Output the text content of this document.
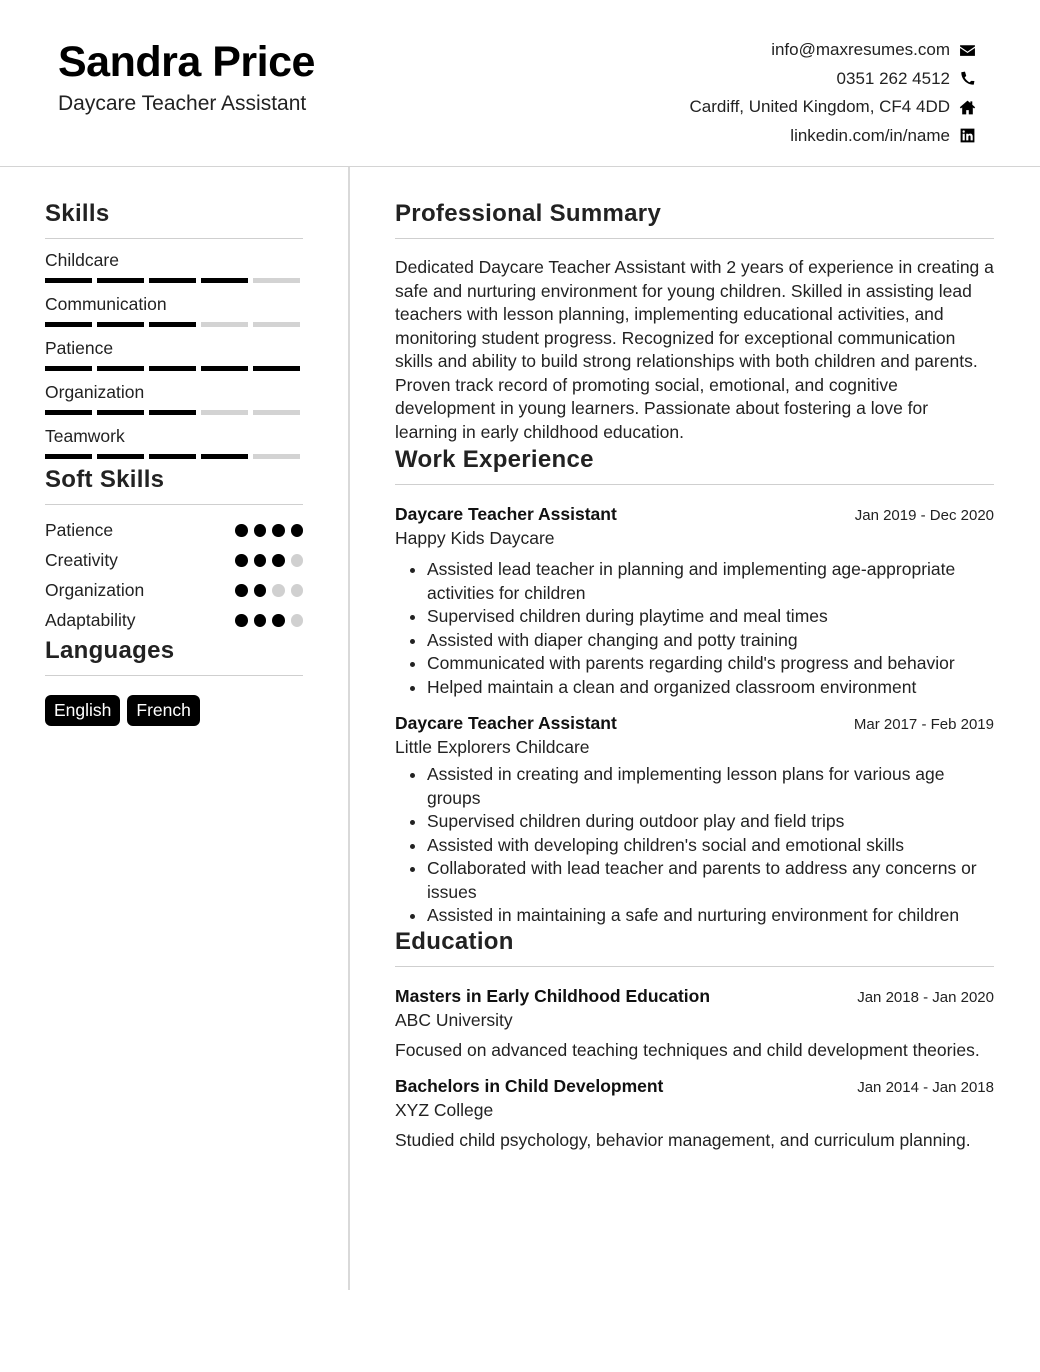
Sandra Price
Daycare Teacher Assistant
info@maxresumes.com
0351 262 4512
Cardiff, United Kingdom, CF4 4DD
linkedin.com/in/name
Skills
Childcare
Communication
Patience
Organization
Teamwork
Soft Skills
Patience
Creativity
Organization
Adaptability
Languages
English	French
Professional Summary
Dedicated Daycare Teacher Assistant with 2 years of experience in creating a safe and nurturing environment for young children. Skilled in assisting lead teachers with lesson planning, implementing educational activities, and monitoring student progress. Recognized for exceptional communication skills and ability to build strong relationships with both children and parents. Proven track record of promoting social, emotional, and cognitive development in young learners. Passionate about fostering a love for learning in early childhood education.
Work Experience
Daycare Teacher Assistant	Jan 2019 - Dec 2020
Happy Kids Daycare
• Assisted lead teacher in planning and implementing age-appropriate activities for children
• Supervised children during playtime and meal times
• Assisted with diaper changing and potty training
• Communicated with parents regarding child's progress and behavior
• Helped maintain a clean and organized classroom environment
Daycare Teacher Assistant	Mar 2017 - Feb 2019
Little Explorers Childcare
• Assisted in creating and implementing lesson plans for various age groups
• Supervised children during outdoor play and field trips
• Assisted with developing children's social and emotional skills
• Collaborated with lead teacher and parents to address any concerns or issues
• Assisted in maintaining a safe and nurturing environment for children
Education
Masters in Early Childhood Education	Jan 2018 - Jan 2020
ABC University
Focused on advanced teaching techniques and child development theories.
Bachelors in Child Development	Jan 2014 - Jan 2018
XYZ College
Studied child psychology, behavior management, and curriculum planning.
